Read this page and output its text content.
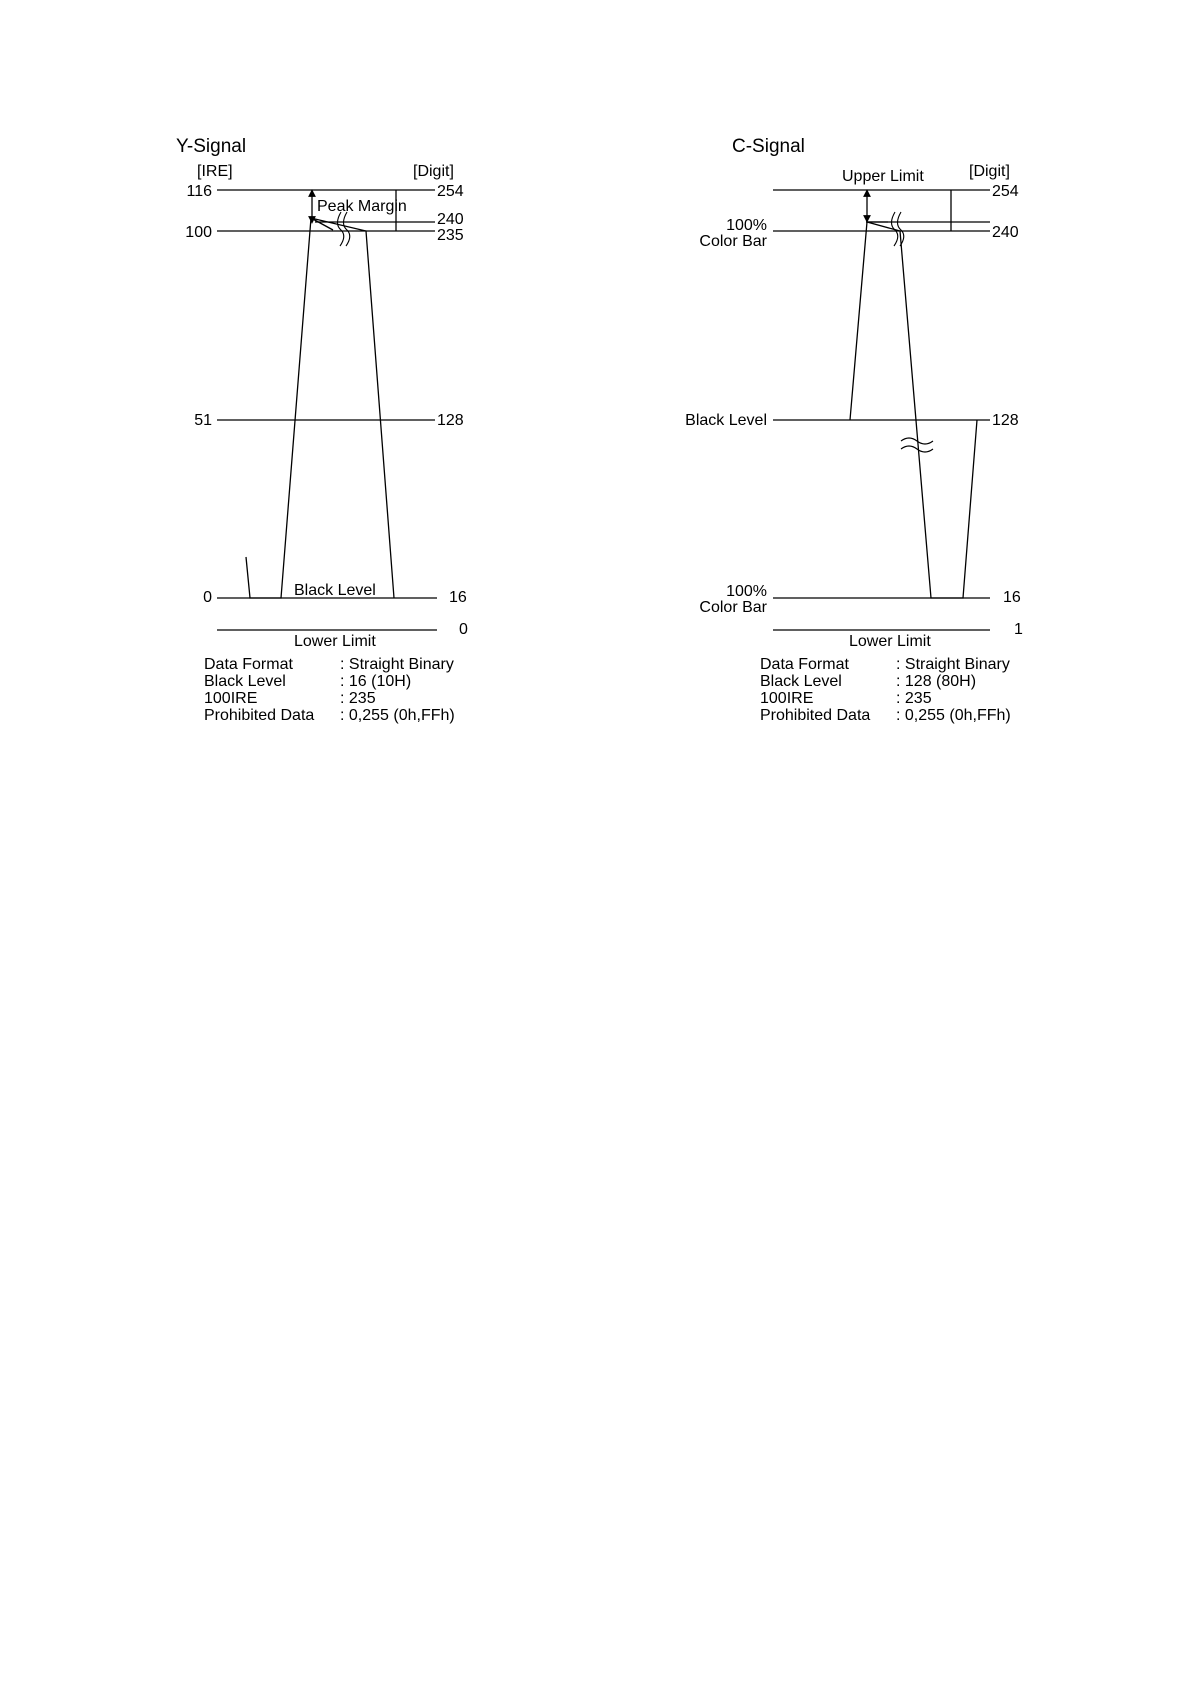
Y-Signal
[IRE]	[Digit]
116
100
51
0
254
240
235
128
16
0
Peak Margin
Black Level
Lower Limit
Data Format	: Straight Binary
Black Level	: 16 (10H)
100IRE	: 235
Prohibited Data : 0,255 (0h,FFh)
C-Signal
[Digit]
Upper Limit
100%
Color Bar
Black Level
100%
Color Bar
254
240
128
16
1
Lower Limit
Data Format	: Straight Binary
Black Level	: 128 (80H)
100IRE	: 235
Prohibited Data : 0,255 (0h,FFh)
